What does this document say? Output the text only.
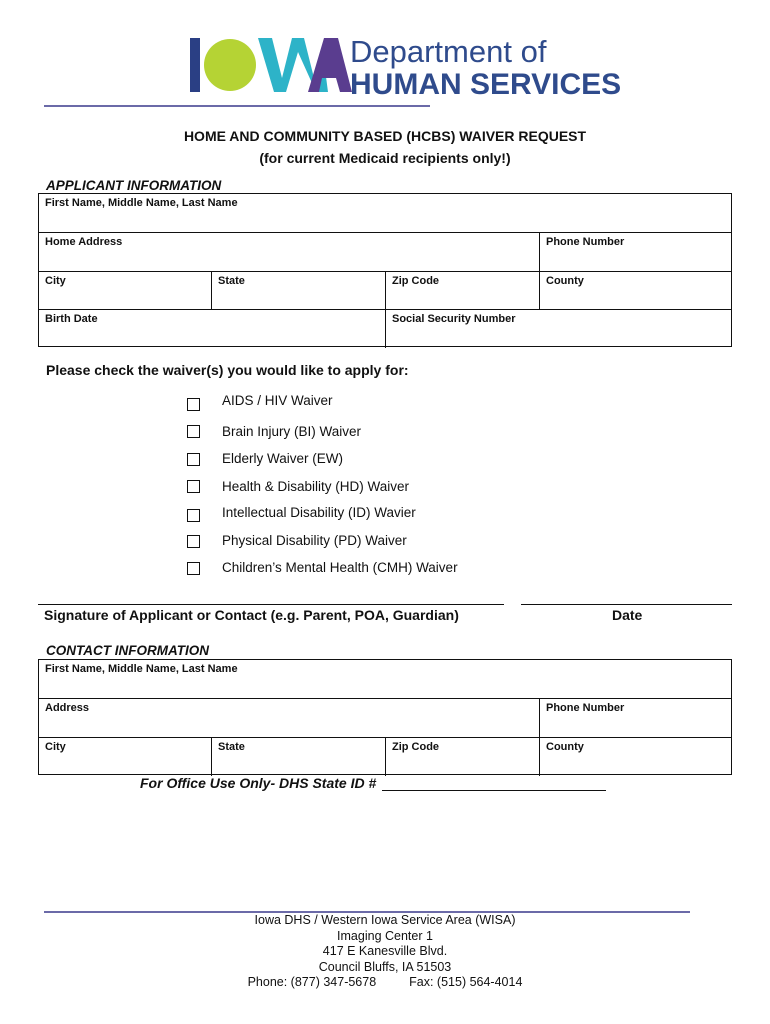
Department of
HUMAN SERVICES
HOME AND COMMUNITY BASED (HCBS) WAIVER REQUEST
(for current Medicaid recipients only!)
APPLICANT INFORMATION
First Name, Middle Name, Last Name
Home Address	Phone Number
City	State	Zip Code	County
Birth Date	Social Security Number
Please check the waiver(s) you would like to apply for:
AIDS / HIV Waiver
Brain Injury (BI) Waiver
Elderly Waiver (EW)
Health & Disability (HD) Waiver
Intellectual Disability (ID) Wavier
Physical Disability (PD) Waiver
Children’s Mental Health (CMH) Waiver
Signature of Applicant or Contact (e.g. Parent, POA, Guardian)	Date
CONTACT INFORMATION
First Name, Middle Name, Last Name
Address	Phone Number
City	State	Zip Code	County
For Office Use Only- DHS State ID #
Iowa DHS / Western Iowa Service Area (WISA)
Imaging Center 1
417 E Kanesville Blvd.
Council Bluffs, IA 51503
Phone: (877) 347-5678	Fax: (515) 564-4014
